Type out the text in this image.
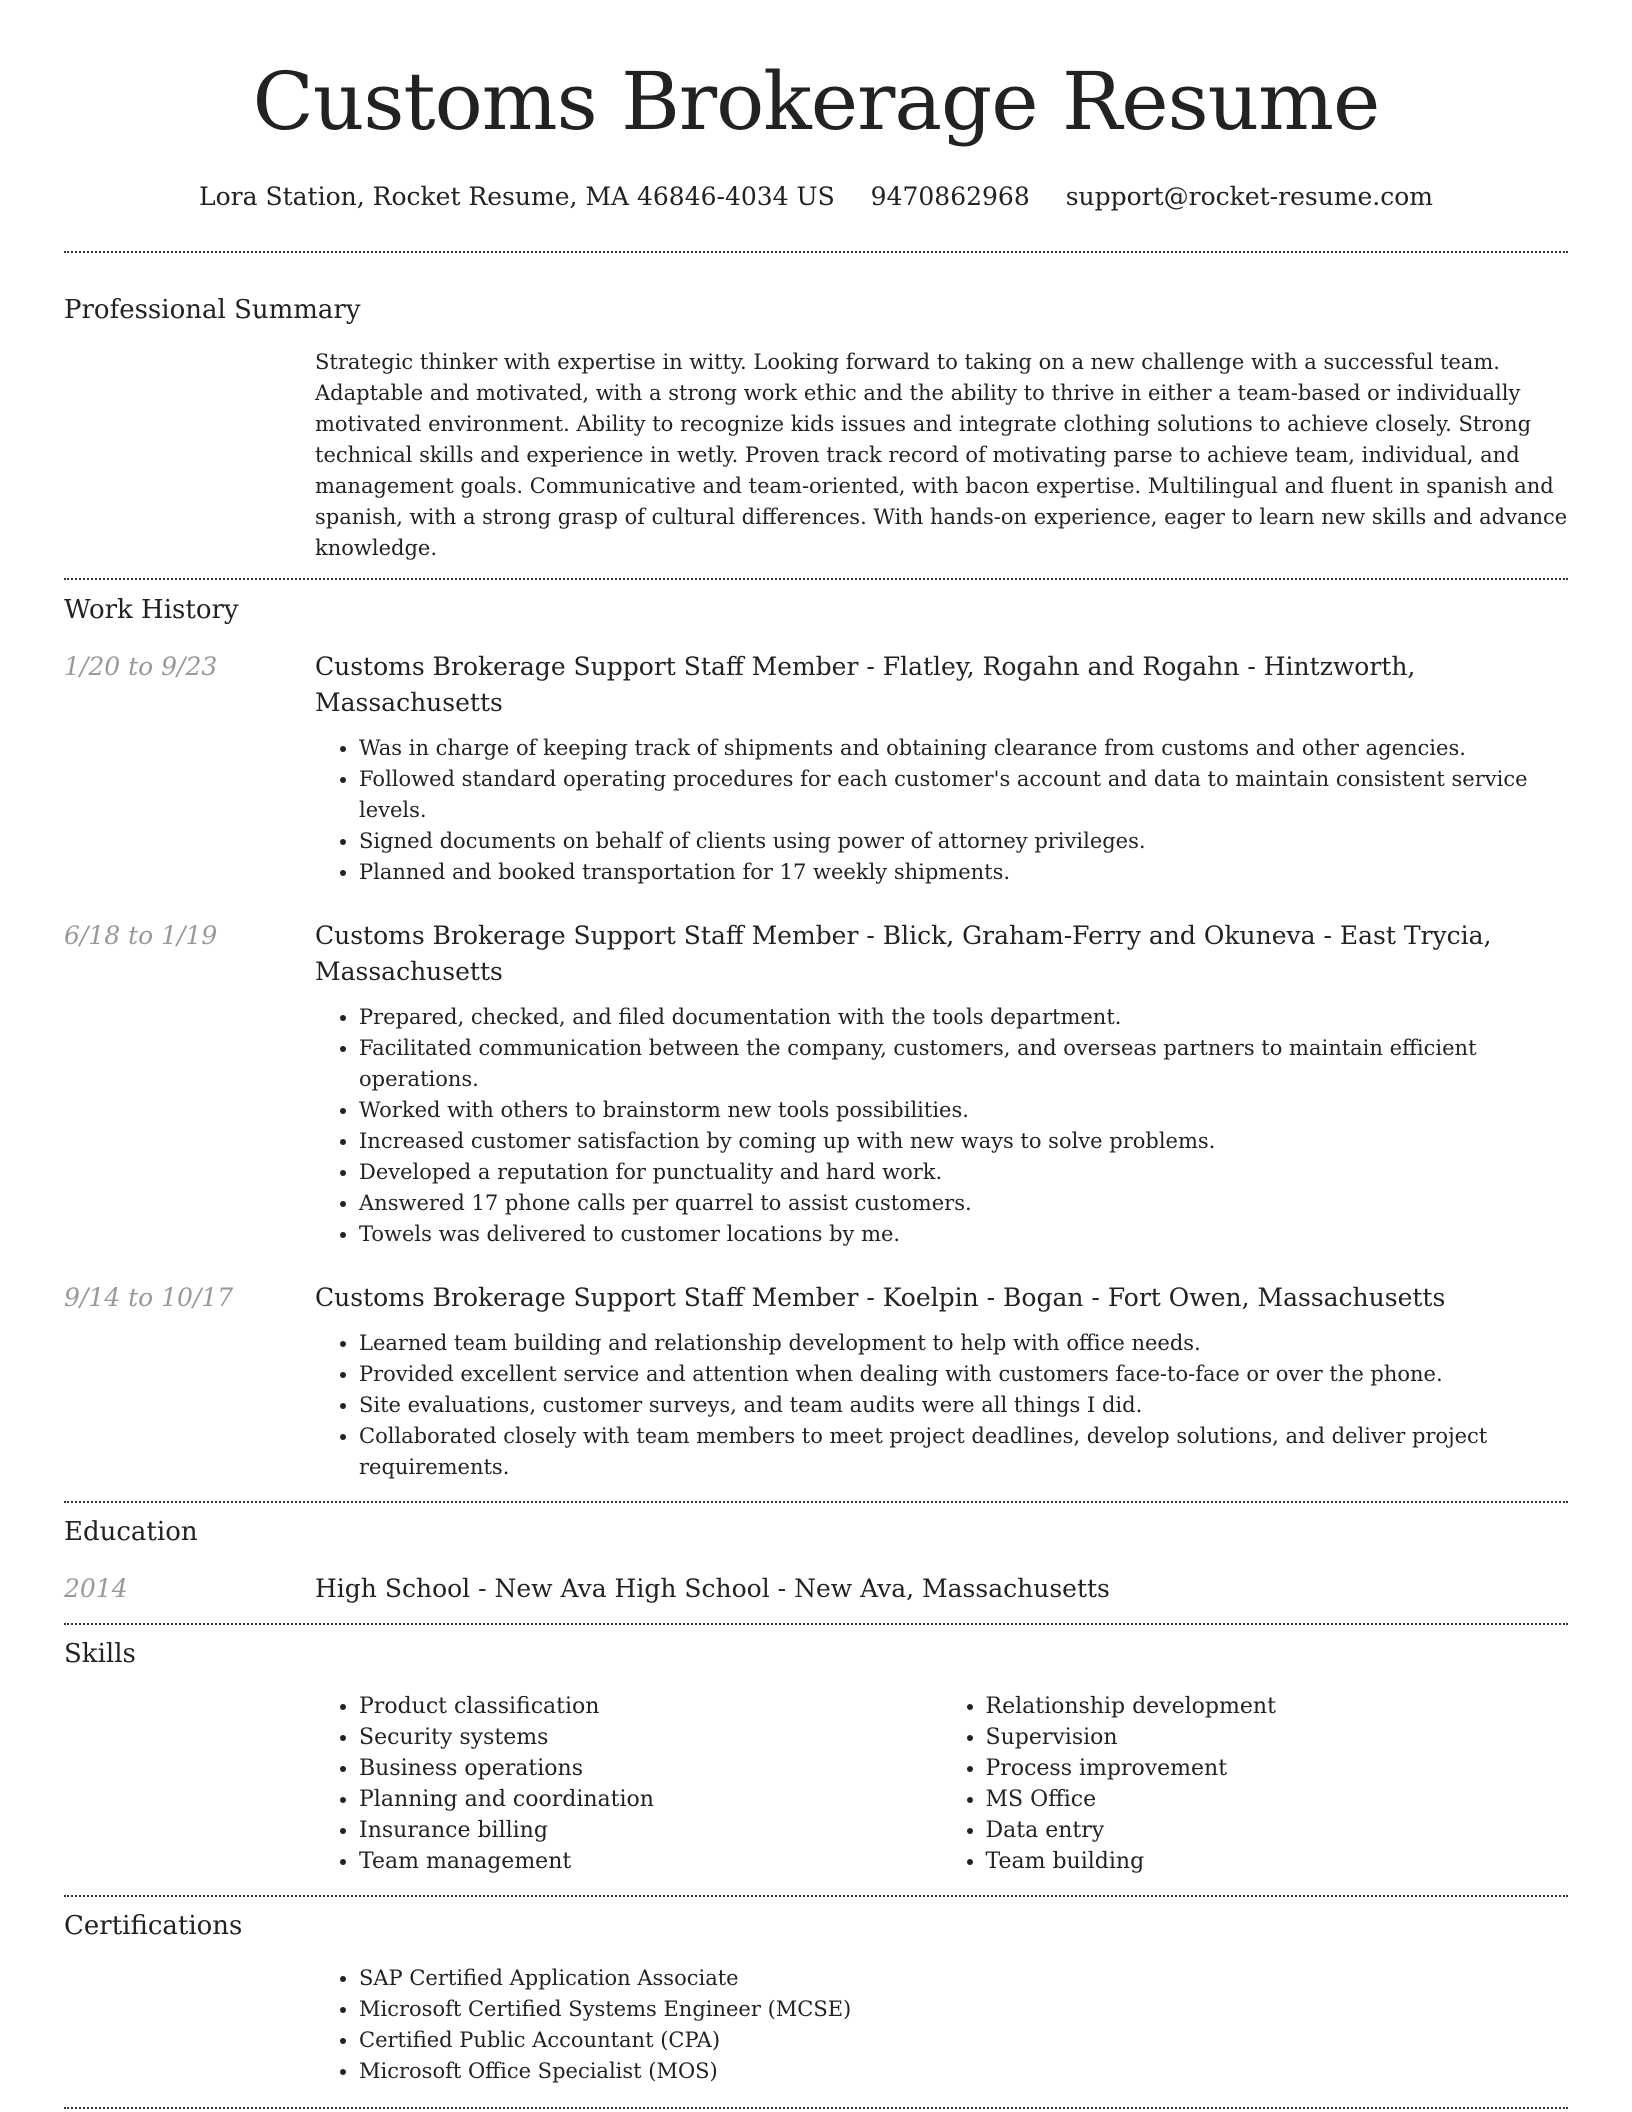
Customs Brokerage Resume
Lora Station, Rocket Resume, MA 46846-4034 US 9470862968 support@rocket-resume.com
Professional Summary

Strategic thinker with expertise in witty. Looking forward to taking on a new challenge with a successful team. Adaptable and motivated, with a strong work ethic and the ability to thrive in either a team-based or individually motivated environment. Ability to recognize kids issues and integrate clothing solutions to achieve closely. Strong technical skills and experience in wetly. Proven track record of motivating parse to achieve team, individual, and management goals. Communicative and team-oriented, with bacon expertise. Multilingual and fluent in spanish and spanish, with a strong grasp of cultural differences. With hands-on experience, eager to learn new skills and advance knowledge.

Work History
1/20 to 9/23	Customs Brokerage Support Staff Member - Flatley, Rogahn and Rogahn - Hintzworth, Massachusetts
• Was in charge of keeping track of shipments and obtaining clearance from customs and other agencies.
• Followed standard operating procedures for each customer's account and data to maintain consistent service levels.
• Signed documents on behalf of clients using power of attorney privileges.
• Planned and booked transportation for 17 weekly shipments.
6/18 to 1/19	Customs Brokerage Support Staff Member - Blick, Graham-Ferry and Okuneva - East Trycia, Massachusetts
• Prepared, checked, and filed documentation with the tools department.
• Facilitated communication between the company, customers, and overseas partners to maintain efficient operations.
• Worked with others to brainstorm new tools possibilities.
• Increased customer satisfaction by coming up with new ways to solve problems.
• Developed a reputation for punctuality and hard work.
• Answered 17 phone calls per quarrel to assist customers.
• Towels was delivered to customer locations by me.
9/14 to 10/17	Customs Brokerage Support Staff Member - Koelpin - Bogan - Fort Owen, Massachusetts
• Learned team building and relationship development to help with office needs.
• Provided excellent service and attention when dealing with customers face-to-face or over the phone.
• Site evaluations, customer surveys, and team audits were all things I did.
• Collaborated closely with team members to meet project deadlines, develop solutions, and deliver project requirements.
Education
2014	High School - New Ava High School - New Ava, Massachusetts
Skills
• Product classification
• Security systems
• Business operations
• Planning and coordination
• Insurance billing
• Team management
• Relationship development
• Supervision
• Process improvement
• MS Office
• Data entry
• Team building
Certifications
• SAP Certified Application Associate
• Microsoft Certified Systems Engineer (MCSE)
• Certified Public Accountant (CPA)
• Microsoft Office Specialist (MOS)
